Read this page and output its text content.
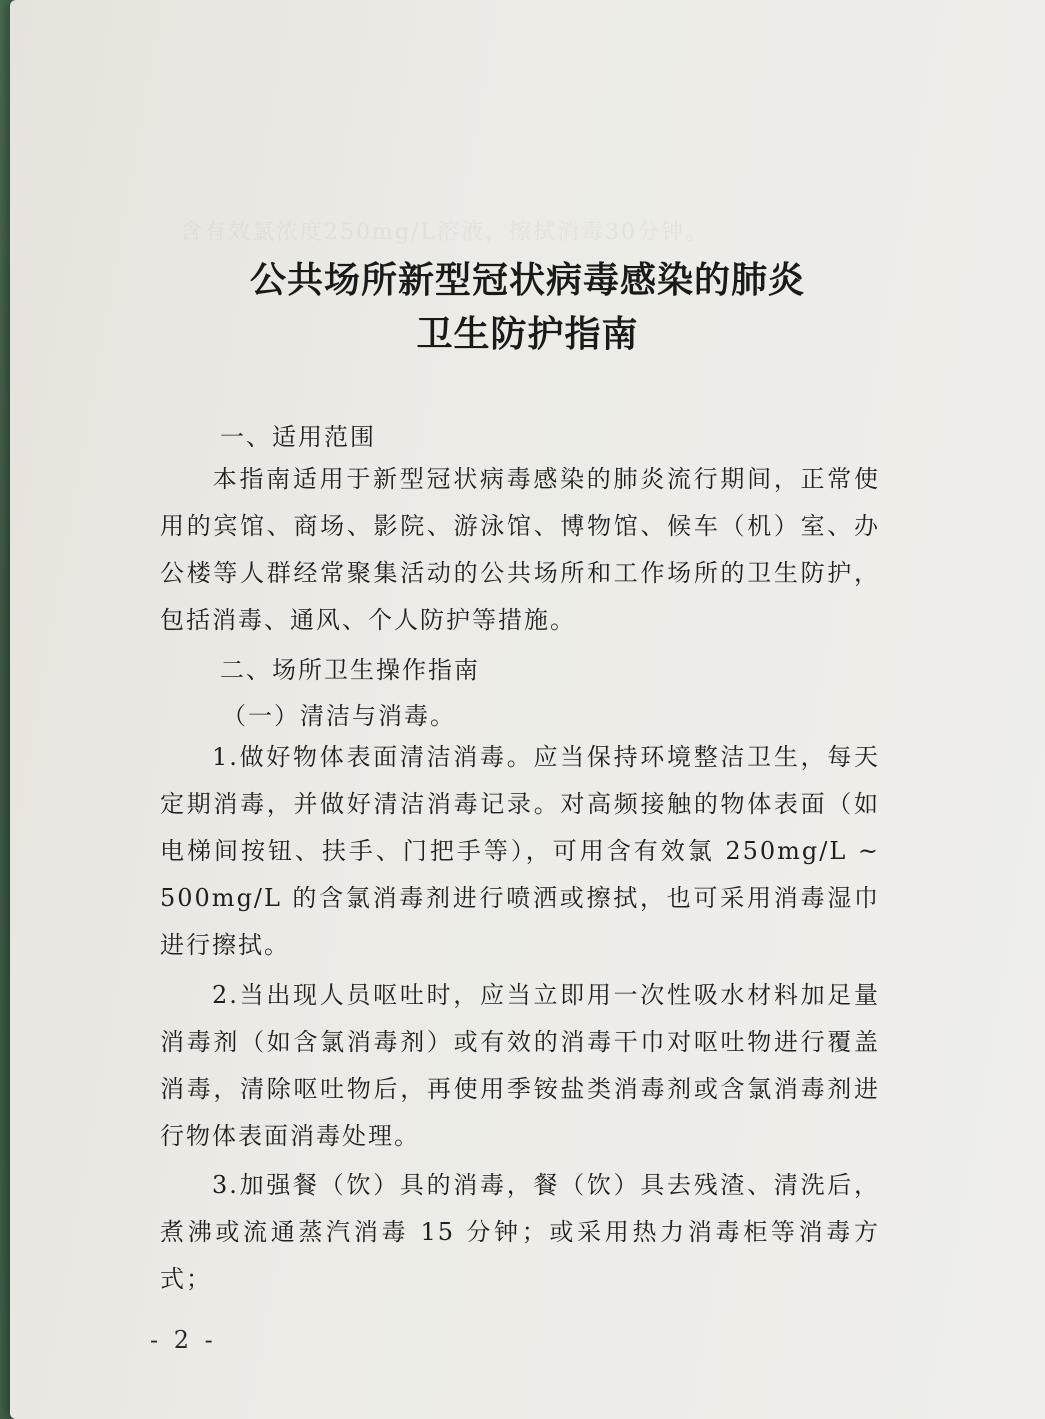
含有效氯浓度250mg/L溶液，擦拭消毒30分钟。
公共场所新型冠状病毒感染的肺炎
卫生防护指南
一、适用范围

本指南适用于新型冠状病毒感染的肺炎流行期间，正常使用的宾馆、商场、影院、游泳馆、博物馆、候车（机）室、办公楼等人群经常聚集活动的公共场所和工作场所的卫生防护，包括消毒、通风、个人防护等措施。

二、场所卫生操作指南
（一）清洁与消毒。

1.做好物体表面清洁消毒。应当保持环境整洁卫生，每天定期消毒，并做好清洁消毒记录。对高频接触的物体表面（如电梯间按钮、扶手、门把手等），可用含有效氯 250mg/L ~ 500mg/L 的含氯消毒剂进行喷洒或擦拭，也可采用消毒湿巾进行擦拭。

2.当出现人员呕吐时，应当立即用一次性吸水材料加足量消毒剂（如含氯消毒剂）或有效的消毒干巾对呕吐物进行覆盖消毒，清除呕吐物后，再使用季铵盐类消毒剂或含氯消毒剂进行物体表面消毒处理。

3.加强餐（饮）具的消毒，餐（饮）具去残渣、清洗后，煮沸或流通蒸汽消毒 15 分钟；或采用热力消毒柜等消毒方式；

- 2 -
